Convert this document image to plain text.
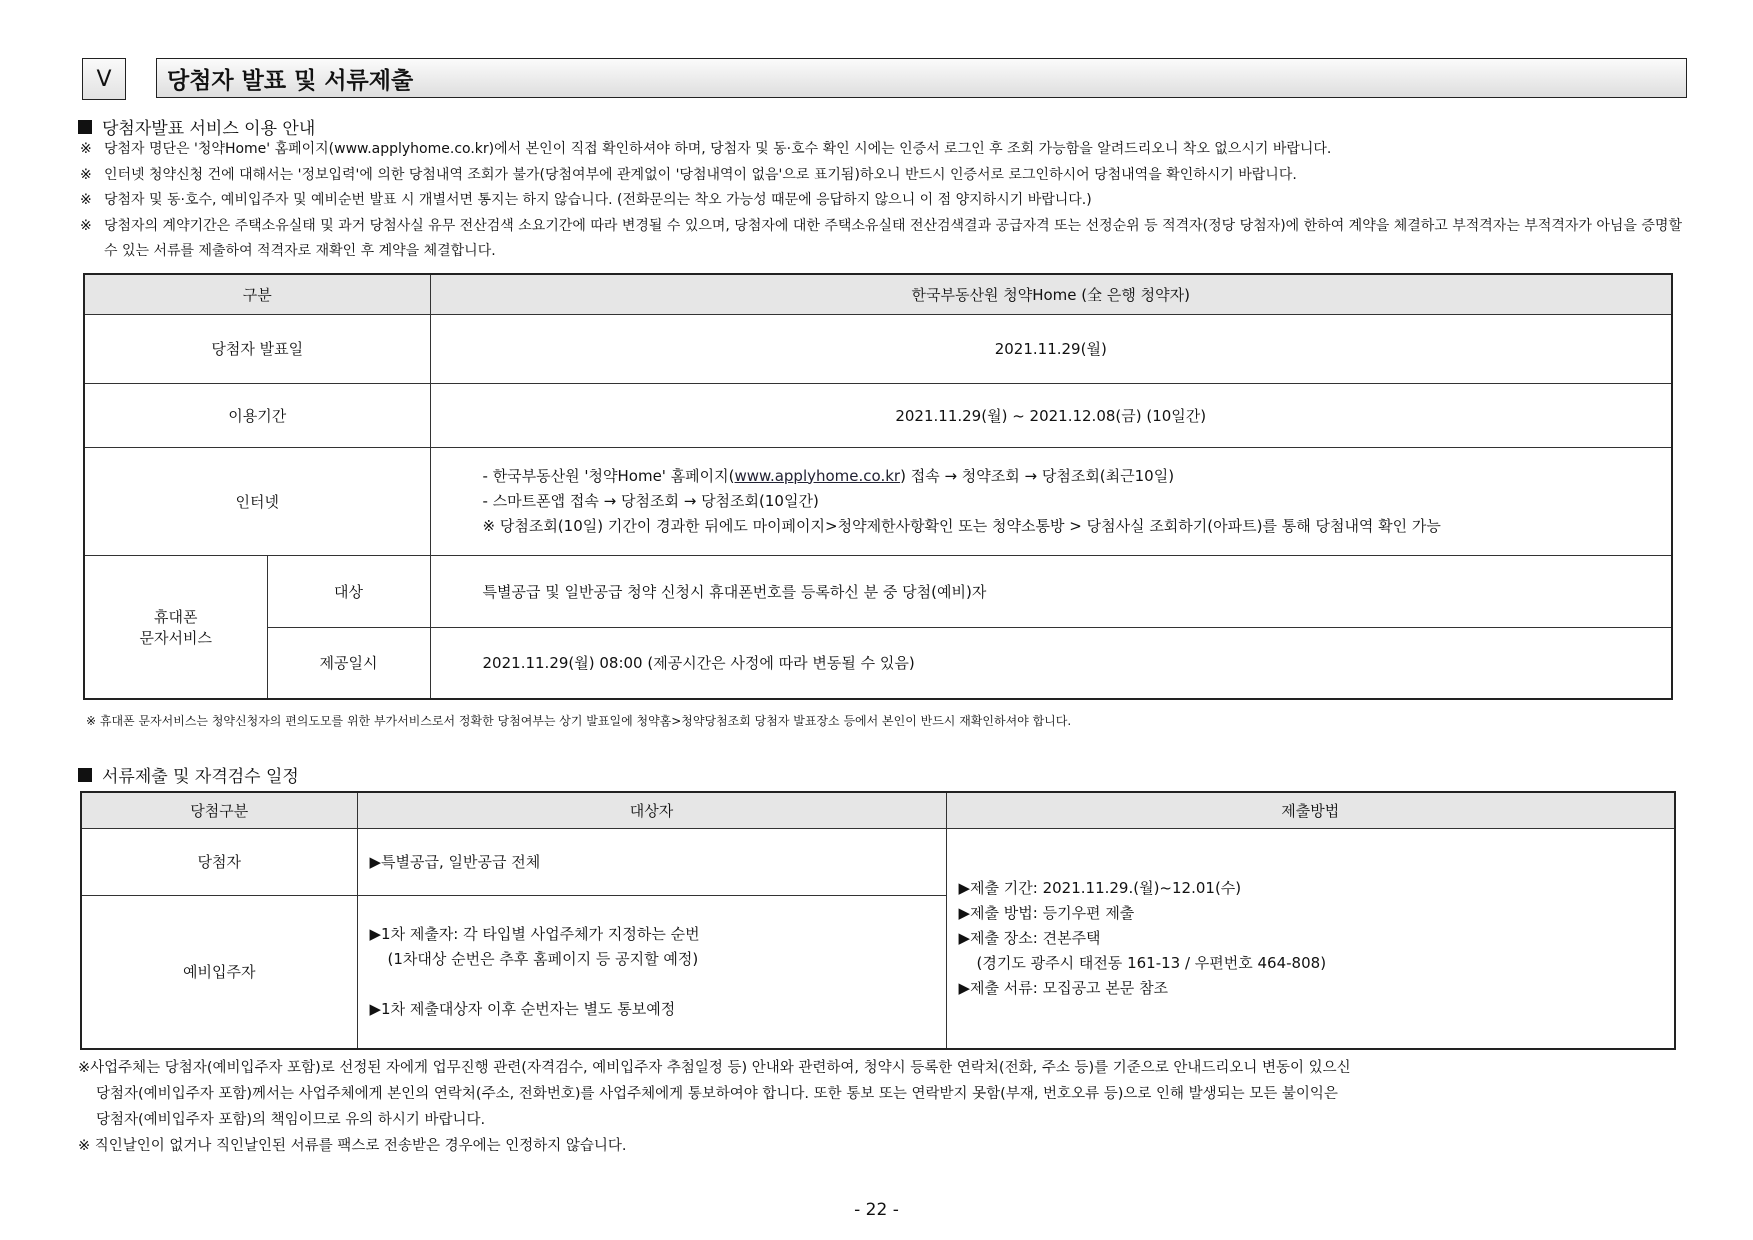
V	당첨자 발표 및 서류제출
당첨자발표 서비스 이용 안내
※ 당첨자 명단은 '청약Home' 홈페이지(www.applyhome.co.kr)에서 본인이 직접 확인하셔야 하며, 당첨자 및 동·호수 확인 시에는 인증서 로그인 후 조회 가능함을 알려드리오니 착오 없으시기 바랍니다.
※ 인터넷 청약신청 건에 대해서는 '정보입력'에 의한 당첨내역 조회가 불가(당첨여부에 관계없이 '당첨내역이 없음'으로 표기됨)하오니 반드시 인증서로 로그인하시어 당첨내역을 확인하시기 바랍니다.
※ 당첨자 및 동·호수, 예비입주자 및 예비순번 발표 시 개별서면 통지는 하지 않습니다. (전화문의는 착오 가능성 때문에 응답하지 않으니 이 점 양지하시기 바랍니다.)
※ 당첨자의 계약기간은 주택소유실태 및 과거 당첨사실 유무 전산검색 소요기간에 따라 변경될 수 있으며, 당첨자에 대한 주택소유실태 전산검색결과 공급자격 또는 선정순위 등 적격자(정당 당첨자)에 한하여 계약을 체결하고 부적격자는 부적격자가 아님을 증명할 수 있는 서류를 제출하여 적격자로 재확인 후 계약을 체결합니다.
구분		한국부동산원 청약Home (全 은행 청약자)
당첨자 발표일		2021.11.29(월)
이용기간		2021.11.29(월) ~ 2021.12.08(금) (10일간)
인터넷		- 한국부동산원 '청약Home' 홈페이지(www.applyhome.co.kr) 접속 → 청약조회 → 당첨조회(최근10일)
- 스마트폰앱 접속 → 당첨조회 → 당첨조회(10일간)
※ 당첨조회(10일) 기간이 경과한 뒤에도 마이페이지>청약제한사항확인 또는 청약소통방 > 당첨사실 조회하기(아파트)를 통해 당첨내역 확인 가능

휴대폰
문자서비스	대상	특별공급 및 일반공급 청약 신청시 휴대폰번호를 등록하신 분 중 당첨(예비)자
	제공일시	2021.11.29(월) 08:00 (제공시간은 사정에 따라 변동될 수 있음)
※ 휴대폰 문자서비스는 청약신청자의 편의도모를 위한 부가서비스로서 정확한 당첨여부는 상기 발표일에 청약홈>청약당첨조회 당첨자 발표장소 등에서 본인이 반드시 재확인하셔야 합니다.
서류제출 및 자격검수 일정
당첨구분	대상자	제출방법
당첨자	▶특별공급, 일반공급 전체	▶제출 기간: 2021.11.29.(월)~12.01(수)
▶제출 방법: 등기우편 제출
▶제출 장소: 견본주택
(경기도 광주시 태전동 161-13 / 우편번호 464-808)
▶제출 서류: 모집공고 본문 참조

예비입주자	▶1차 제출자: 각 타입별 사업주체가 지정하는 순번
(1차대상 순번은 추후 홈페이지 등 공지할 예정)
▶1차 제출대상자 이후 순번자는 별도 통보예정	
※사업주체는 당첨자(예비입주자 포함)로 선정된 자에게 업무진행 관련(자격검수, 예비입주자 추첨일정 등) 안내와 관련하여, 청약시 등록한 연락처(전화, 주소 등)를 기준으로 안내드리오니 변동이 있으신
당첨자(예비입주자 포함)께서는 사업주체에게 본인의 연락처(주소, 전화번호)를 사업주체에게 통보하여야 합니다. 또한 통보 또는 연락받지 못함(부재, 번호오류 등)으로 인해 발생되는 모든 불이익은
당첨자(예비입주자 포함)의 책임이므로 유의 하시기 바랍니다.
※ 직인날인이 없거나 직인날인된 서류를 팩스로 전송받은 경우에는 인정하지 않습니다.
- 22 -
